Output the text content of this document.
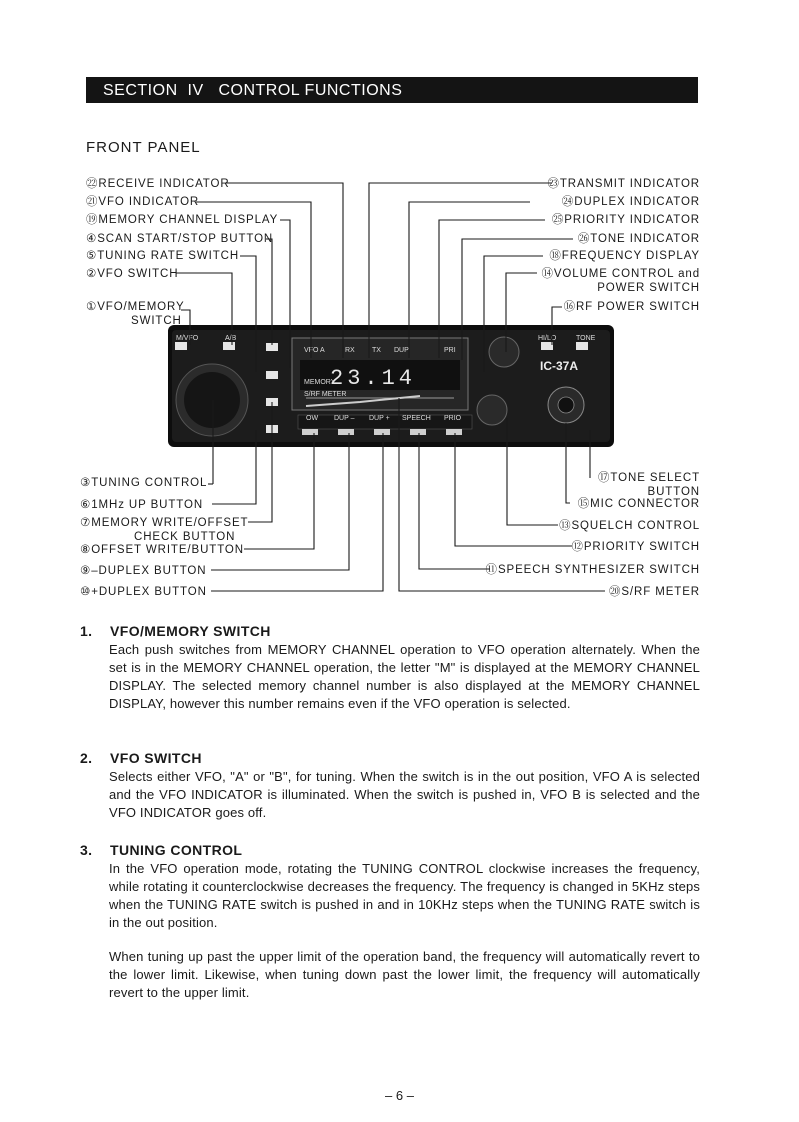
SECTION  IV CONTROL FUNCTIONS
FRONT PANEL
M/VFO	A/B	HI/LO	TONE
VFO A	RX TX DUP	PRI
23.14
MEMORY
S/RF METER
IC-37A
OW DUP – DUP + SPEECH PRIO
㉒RECEIVE INDICATOR
㉑VFO INDICATOR
⑲MEMORY CHANNEL DISPLAY
④SCAN START/STOP BUTTON
⑤TUNING RATE SWITCH
②VFO SWITCH
①VFO/MEMORY
SWITCH
㉓TRANSMIT INDICATOR
㉔DUPLEX INDICATOR
㉕PRIORITY INDICATOR
㉖TONE INDICATOR
⑱FREQUENCY DISPLAY
⑭VOLUME CONTROL and
POWER SWITCH
⑯RF POWER SWITCH
③TUNING CONTROL
⑥1MHz UP BUTTON
⑦MEMORY WRITE/OFFSET
CHECK BUTTON
⑧OFFSET WRITE/BUTTON
⑨–DUPLEX BUTTON
⑩+DUPLEX BUTTON
⑰TONE SELECT
BUTTON
⑮MIC CONNECTOR
⑬SQUELCH CONTROL
⑫PRIORITY SWITCH
⑪SPEECH SYNTHESIZER SWITCH
⑳S/RF METER
1.	VFO/MEMORY SWITCH

Each push switches from MEMORY CHANNEL operation to VFO operation alternately. When the set is in the MEMORY CHANNEL operation, the letter "M" is displayed at the MEMORY CHANNEL DISPLAY. The selected memory channel number is also displayed at the MEMORY CHANNEL DISPLAY, however this number remains even if the VFO operation is selected.

2.	VFO SWITCH

Selects either VFO, "A" or "B", for tuning. When the switch is in the out position, VFO A is selected and the VFO INDICATOR is illuminated. When the switch is pushed in, VFO B is selected and the VFO INDICATOR goes off.

3.	TUNING CONTROL

In the VFO operation mode, rotating the TUNING CONTROL clockwise increases the frequency, while rotating it counterclockwise decreases the frequency. The frequency is changed in 5KHz steps when the TUNING RATE switch is pushed in and in 10KHz steps when the TUNING RATE switch is in the out position.

When tuning up past the upper limit of the operation band, the frequency will automatically revert to the lower limit. Likewise, when tuning down past the lower limit, the frequency will automatically revert to the upper limit.

– 6 –
